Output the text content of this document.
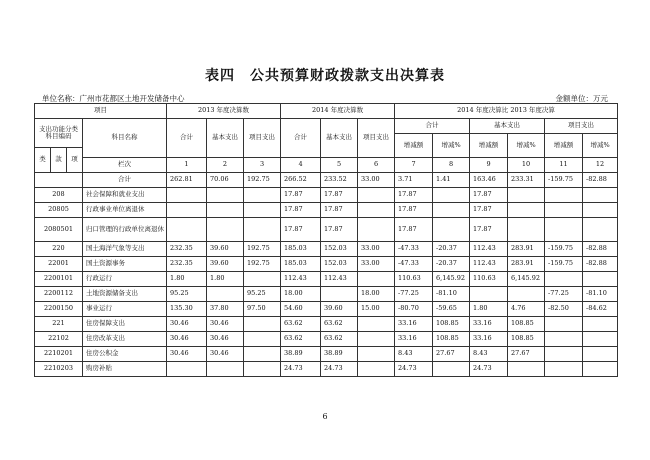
表四　公共预算财政拨款支出决算表
单位名称：广州市花都区土地开发储备中心	金额单位：万元
项目				2013 年度决算数			2014 年度决算数			2014 年度决算比 2013 年度决算					
支出功能分类科目编码			科目名称	合计	基本支出	项目支出	合计	基本支出	项目支出	合计		基本支出		项目支出	
										增减额	增减%	增减额	增减%	增减额	增减%
类	款	项													
			栏次	1	2	3	4	5	6	7	8	9	10	11	12
			合计	262.81	70.06	192.75	266.52	233.52	33.00	3.71	1.41	163.46	233.31	-159.75	-82.88
208			社会保障和就业支出				17.87	17.87		17.87		17.87			
20805			行政事业单位离退休				17.87	17.87		17.87		17.87			
2080501			归口管理的行政单位离退休				17.87	17.87		17.87		17.87			
220			国土海洋气象等支出	232.35	39.60	192.75	185.03	152.03	33.00	-47.33	-20.37	112.43	283.91	-159.75	-82.88
22001			国土资源事务	232.35	39.60	192.75	185.03	152.03	33.00	-47.33	-20.37	112.43	283.91	-159.75	-82.88
2200101			行政运行	1.80	1.80		112.43	112.43		110.63	6,145.92	110.63	6,145.92		
2200112			土地资源储备支出	95.25		95.25	18.00		18.00	-77.25	-81.10			-77.25	-81.10
2200150			事业运行	135.30	37.80	97.50	54.60	39.60	15.00	-80.70	-59.65	1.80	4.76	-82.50	-84.62
221			住房保障支出	30.46	30.46		63.62	63.62		33.16	108.85	33.16	108.85		
22102			住房改革支出	30.46	30.46		63.62	63.62		33.16	108.85	33.16	108.85		
2210201			住房公积金	30.46	30.46		38.89	38.89		8.43	27.67	8.43	27.67		
2210203			购房补贴				24.73	24.73		24.73		24.73			
6
